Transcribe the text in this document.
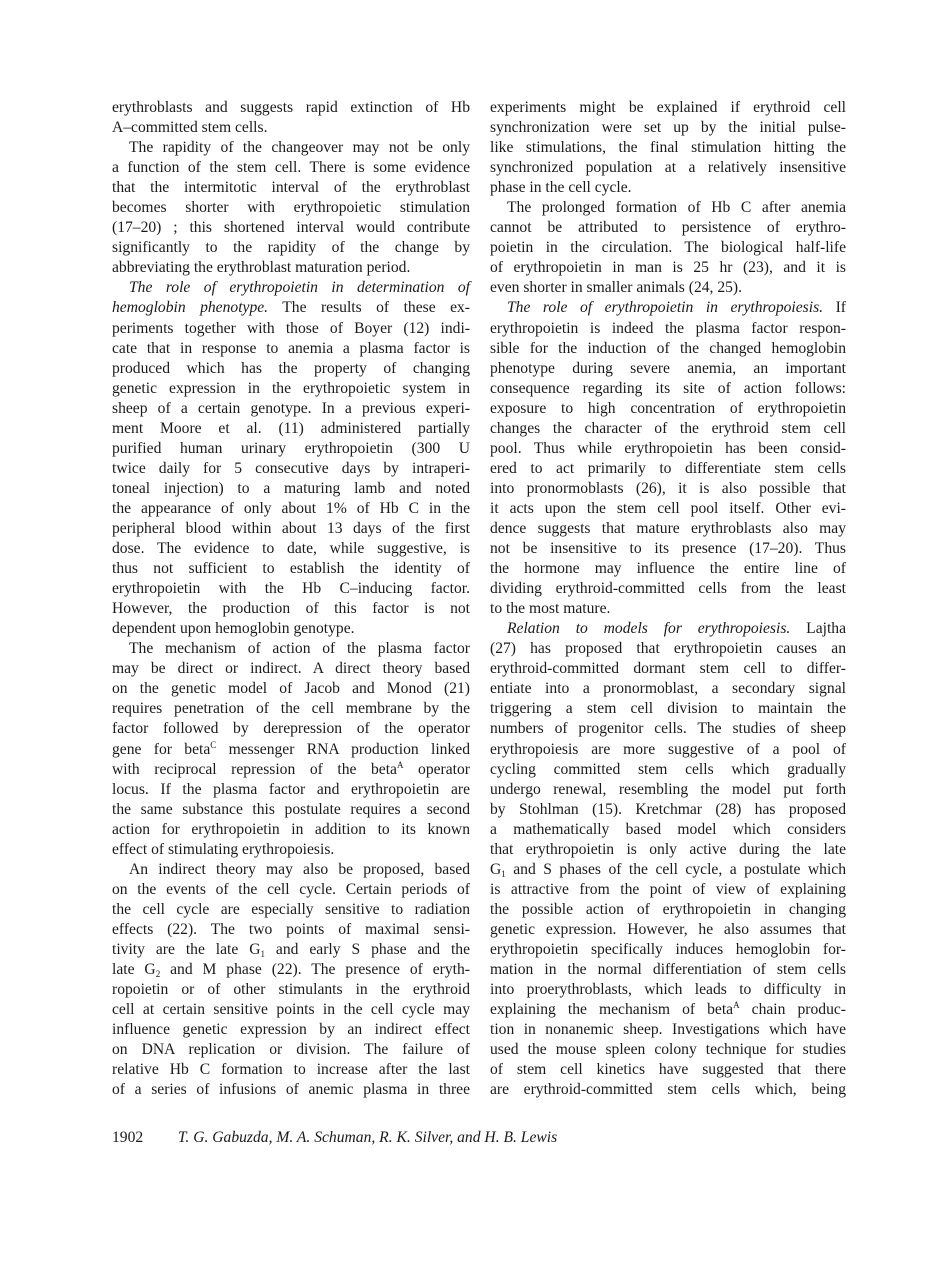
erythroblasts and suggests rapid extinction of Hb
A–committed stem cells.
The rapidity of the changeover may not be only
a function of the stem cell. There is some evidence
that the intermitotic interval of the erythroblast
becomes shorter with erythropoietic stimulation
(17–20) ; this shortened interval would contribute
significantly to the rapidity of the change by
abbreviating the erythroblast maturation period.
The role of erythropoietin in determination of
hemoglobin phenotype. The results of these ex-
periments together with those of Boyer (12) indi-
cate that in response to anemia a plasma factor is
produced which has the property of changing
genetic expression in the erythropoietic system in
sheep of a certain genotype. In a previous experi-
ment Moore et al. (11) administered partially
purified human urinary erythropoietin (300 U
twice daily for 5 consecutive days by intraperi-
toneal injection) to a maturing lamb and noted
the appearance of only about 1% of Hb C in the
peripheral blood within about 13 days of the first
dose. The evidence to date, while suggestive, is
thus not sufficient to establish the identity of
erythropoietin with the Hb C–inducing factor.
However, the production of this factor is not
dependent upon hemoglobin genotype.
The mechanism of action of the plasma factor
may be direct or indirect. A direct theory based
on the genetic model of Jacob and Monod (21)
requires penetration of the cell membrane by the
factor followed by derepression of the operator
gene for beta$^C$ messenger RNA production linked
with reciprocal repression of the beta$^A$ operator
locus. If the plasma factor and erythropoietin are
the same substance this postulate requires a second
action for erythropoietin in addition to its known
effect of stimulating erythropoiesis.
An indirect theory may also be proposed, based
on the events of the cell cycle. Certain periods of
the cell cycle are especially sensitive to radiation
effects (22). The two points of maximal sensi-
tivity are the late $G_1$ and early S phase and the
late $G_2$ and M phase (22). The presence of eryth-
ropoietin or of other stimulants in the erythroid
cell at certain sensitive points in the cell cycle may
influence genetic expression by an indirect effect
on DNA replication or division. The failure of
relative Hb C formation to increase after the last
of a series of infusions of anemic plasma in three
experiments might be explained if erythroid cell
synchronization were set up by the initial pulse-
like stimulations, the final stimulation hitting the
synchronized population at a relatively insensitive
phase in the cell cycle.
The prolonged formation of Hb C after anemia
cannot be attributed to persistence of erythro-
poietin in the circulation. The biological half-life
of erythropoietin in man is 25 hr (23), and it is
even shorter in smaller animals (24, 25).
The role of erythropoietin in erythropoiesis. If
erythropoietin is indeed the plasma factor respon-
sible for the induction of the changed hemoglobin
phenotype during severe anemia, an important
consequence regarding its site of action follows:
exposure to high concentration of erythropoietin
changes the character of the erythroid stem cell
pool. Thus while erythropoietin has been consid-
ered to act primarily to differentiate stem cells
into pronormoblasts (26), it is also possible that
it acts upon the stem cell pool itself. Other evi-
dence suggests that mature erythroblasts also may
not be insensitive to its presence (17–20). Thus
the hormone may influence the entire line of
dividing erythroid-committed cells from the least
to the most mature.
Relation to models for erythropoiesis. Lajtha
(27) has proposed that erythropoietin causes an
erythroid-committed dormant stem cell to differ-
entiate into a pronormoblast, a secondary signal
triggering a stem cell division to maintain the
numbers of progenitor cells. The studies of sheep
erythropoiesis are more suggestive of a pool of
cycling committed stem cells which gradually
undergo renewal, resembling the model put forth
by Stohlman (15). Kretchmar (28) has proposed
a mathematically based model which considers
that erythropoietin is only active during the late
$G_1$ and S phases of the cell cycle, a postulate which
is attractive from the point of view of explaining
the possible action of erythropoietin in changing
genetic expression. However, he also assumes that
erythropoietin specifically induces hemoglobin for-
mation in the normal differentiation of stem cells
into proerythroblasts, which leads to difficulty in
explaining the mechanism of beta$^A$ chain produc-
tion in nonanemic sheep. Investigations which have
used the mouse spleen colony technique for studies
of stem cell kinetics have suggested that there
are erythroid-committed stem cells which, being
1902 T. G. Gabuzda, M. A. Schuman, R. K. Silver, and H. B. Lewis
